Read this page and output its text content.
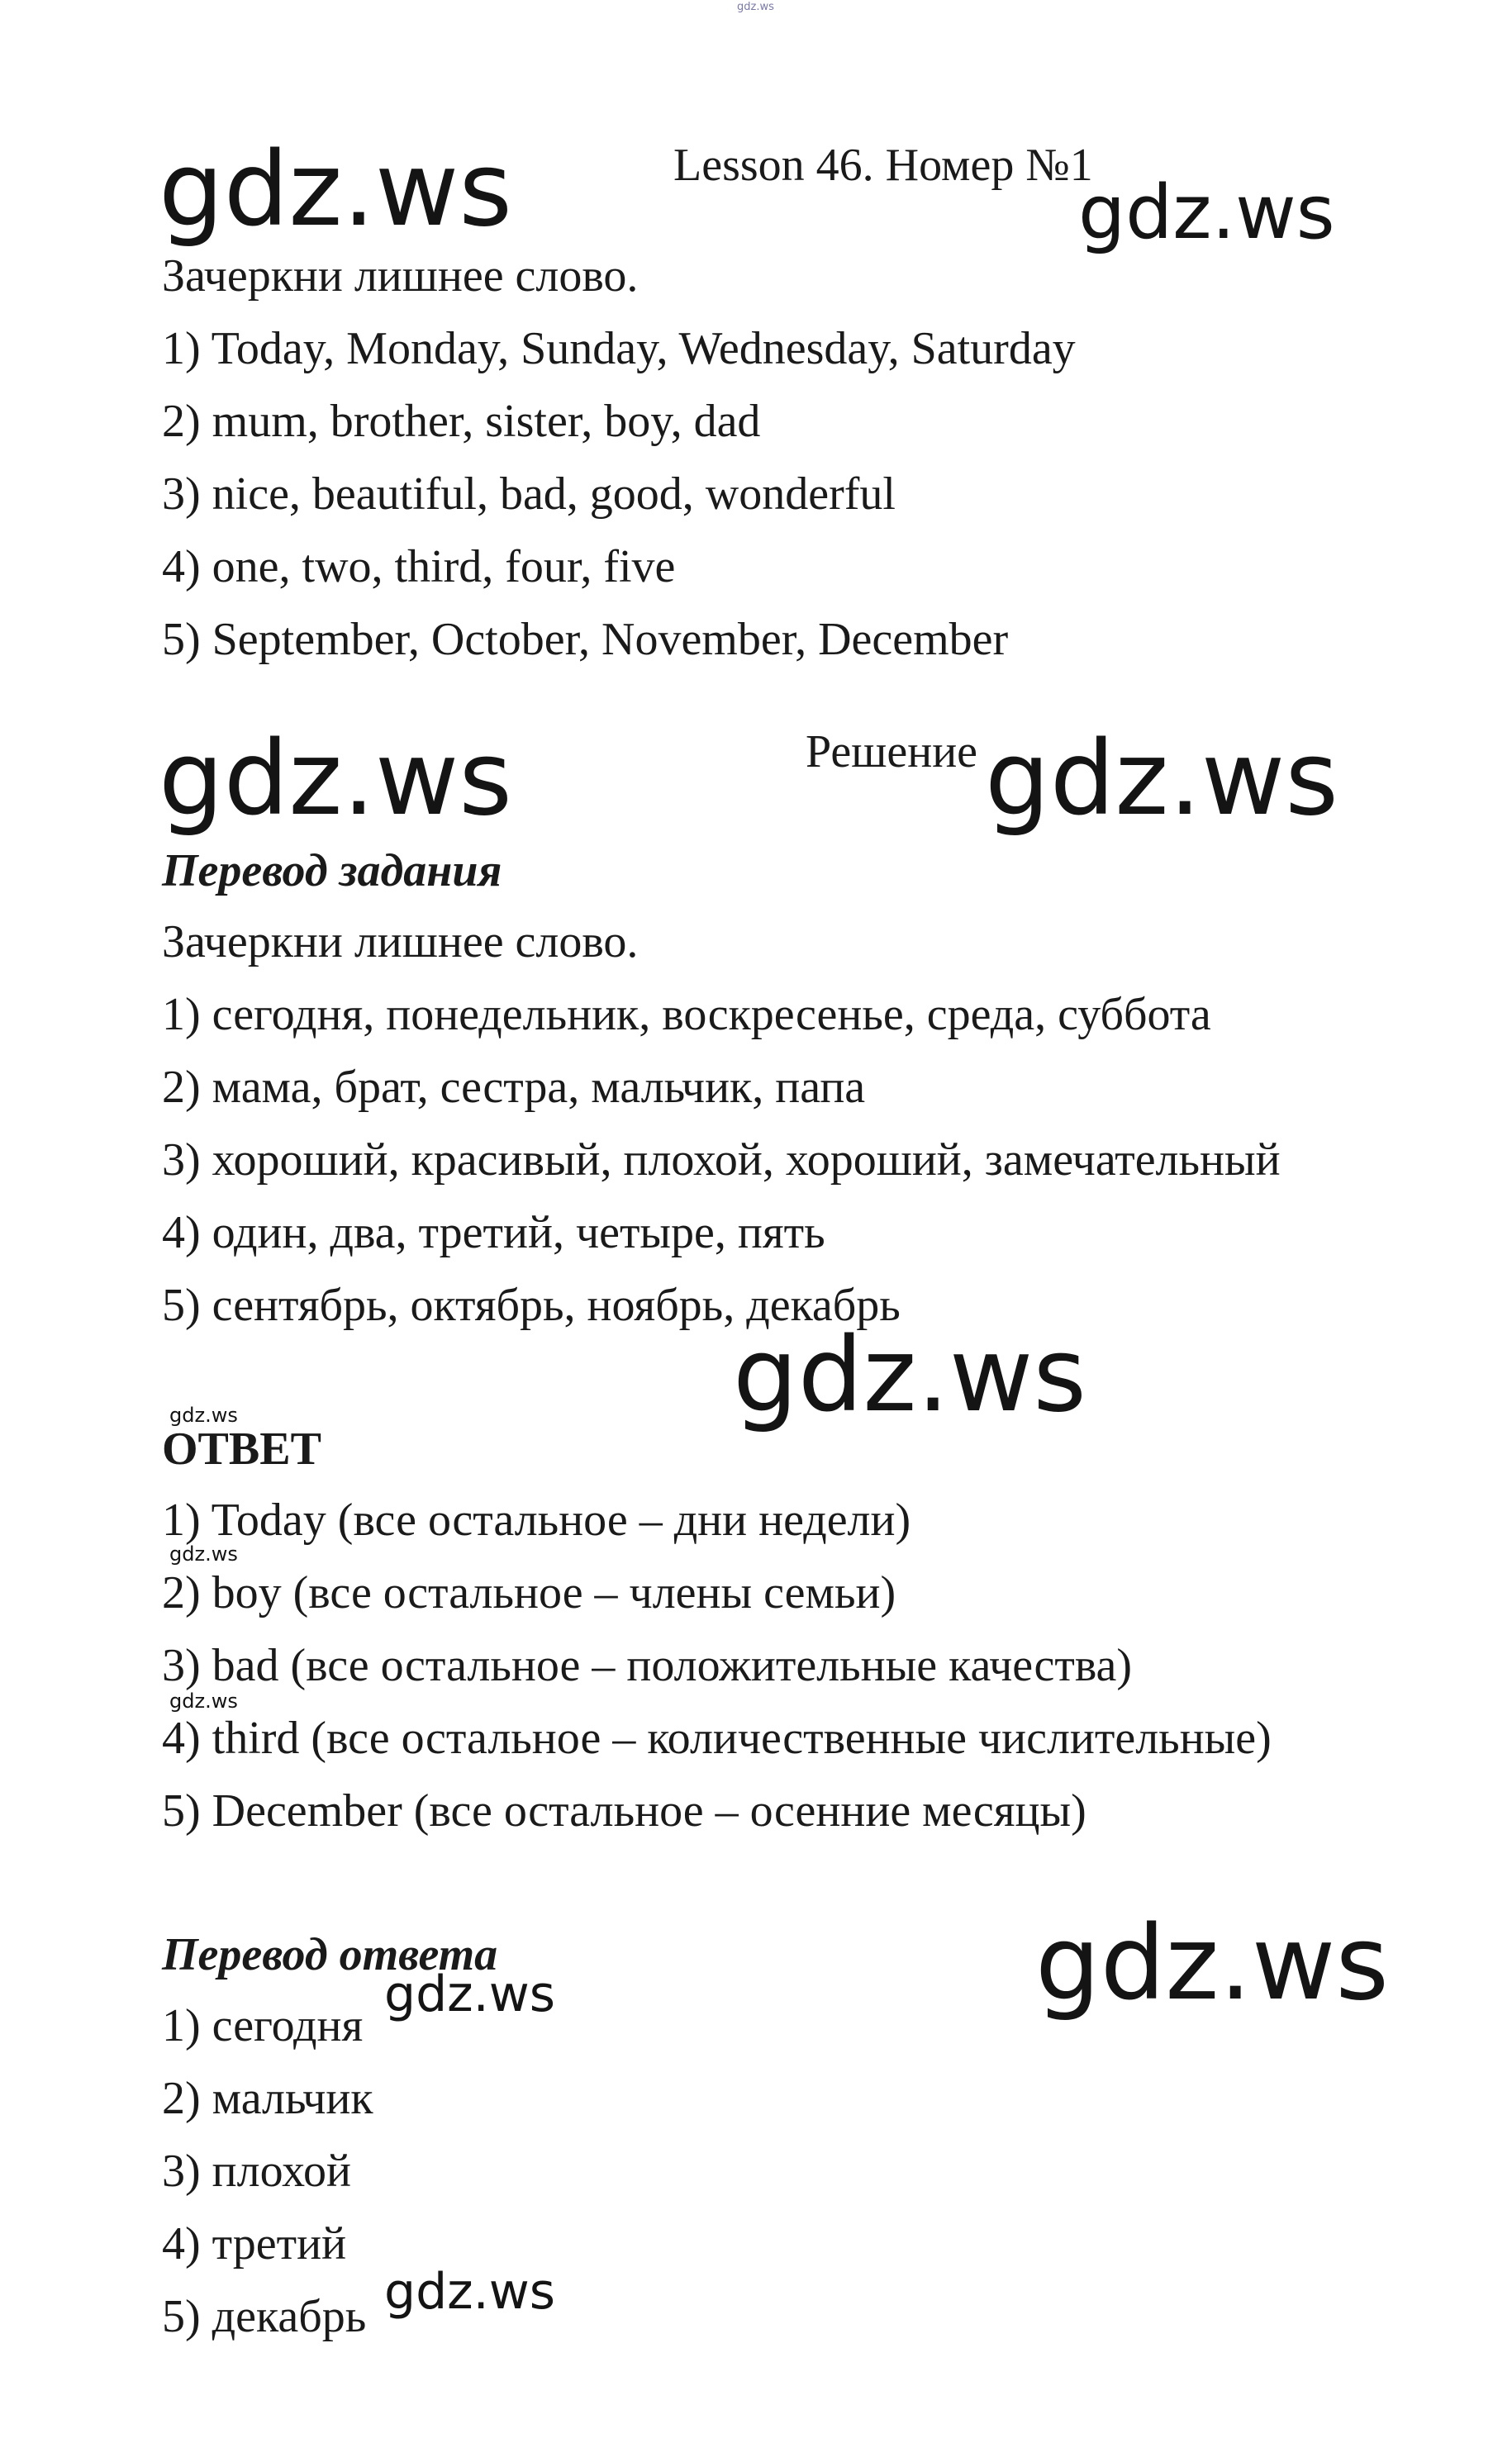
gdz.ws
gdz.ws	gdz.ws
gdz.ws	gdz.ws
gdz.ws
gdz.ws
gdz.ws
gdz.ws
gdz.ws
gdz.ws
gdz.ws
Lesson 46. Номер №1
Зачеркни лишнее слово.
1) Today, Monday, Sunday, Wednesday, Saturday
2) mum, brother, sister, boy, dad
3) nice, beautiful, bad, good, wonderful
4) one, two, third, four, five
5) September, October, November, December
Решение
Перевод задания
Зачеркни лишнее слово.
1) сегодня, понедельник, воскресенье, среда, суббота
2) мама, брат, сестра, мальчик, папа
3) хороший, красивый, плохой, хороший, замечательный
4) один, два, третий, четыре, пять
5) сентябрь, октябрь, ноябрь, декабрь
ОТВЕТ
1) Today (все остальное – дни недели)
2) boy (все остальное – члены семьи)
3) bad (все остальное – положительные качества)
4) third (все остальное – количественные числительные)
5) December (все остальное – осенние месяцы)
Перевод ответа
1) сегодня
2) мальчик
3) плохой
4) третий
5) декабрь
